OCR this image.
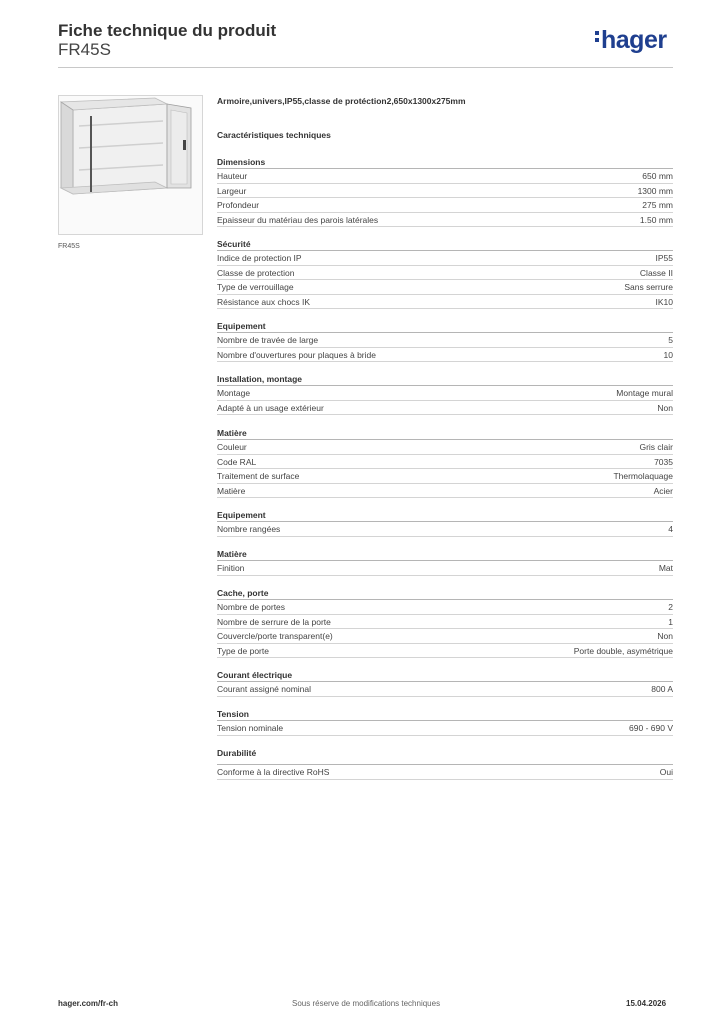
Fiche technique du produit
FR45S	hager
FR45S
Armoire,univers,IP55,classe de protéction2,650x1300x275mm
Caractéristiques techniques
Dimensions
Hauteur	650 mm
Largeur	1300 mm
Profondeur	275 mm
Epaisseur du matériau des parois latérales	1.50 mm
Sécurité
Indice de protection IP	IP55
Classe de protection	Classe II
Type de verrouillage	Sans serrure
Résistance aux chocs IK	IK10
Equipement
Nombre de travée de large	5
Nombre d'ouvertures pour plaques à bride	10
Installation, montage
Montage	Montage mural
Adapté à un usage extérieur	Non
Matière
Couleur	Gris clair
Code RAL	7035
Traitement de surface	Thermolaquage
Matière	Acier
Equipement
Nombre rangées	4
Matière
Finition	Mat
Cache, porte
Nombre de portes	2
Nombre de serrure de la porte	1
Couvercle/porte transparent(e)	Non
Type de porte	Porte double, asymétrique
Courant électrique
Courant assigné nominal	800 A
Tension
Tension nominale	690 - 690 V
Durabilité
Conforme à la directive RoHS	Oui
hager.com/fr-ch	Sous réserve de modifications techniques	15.04.2026
